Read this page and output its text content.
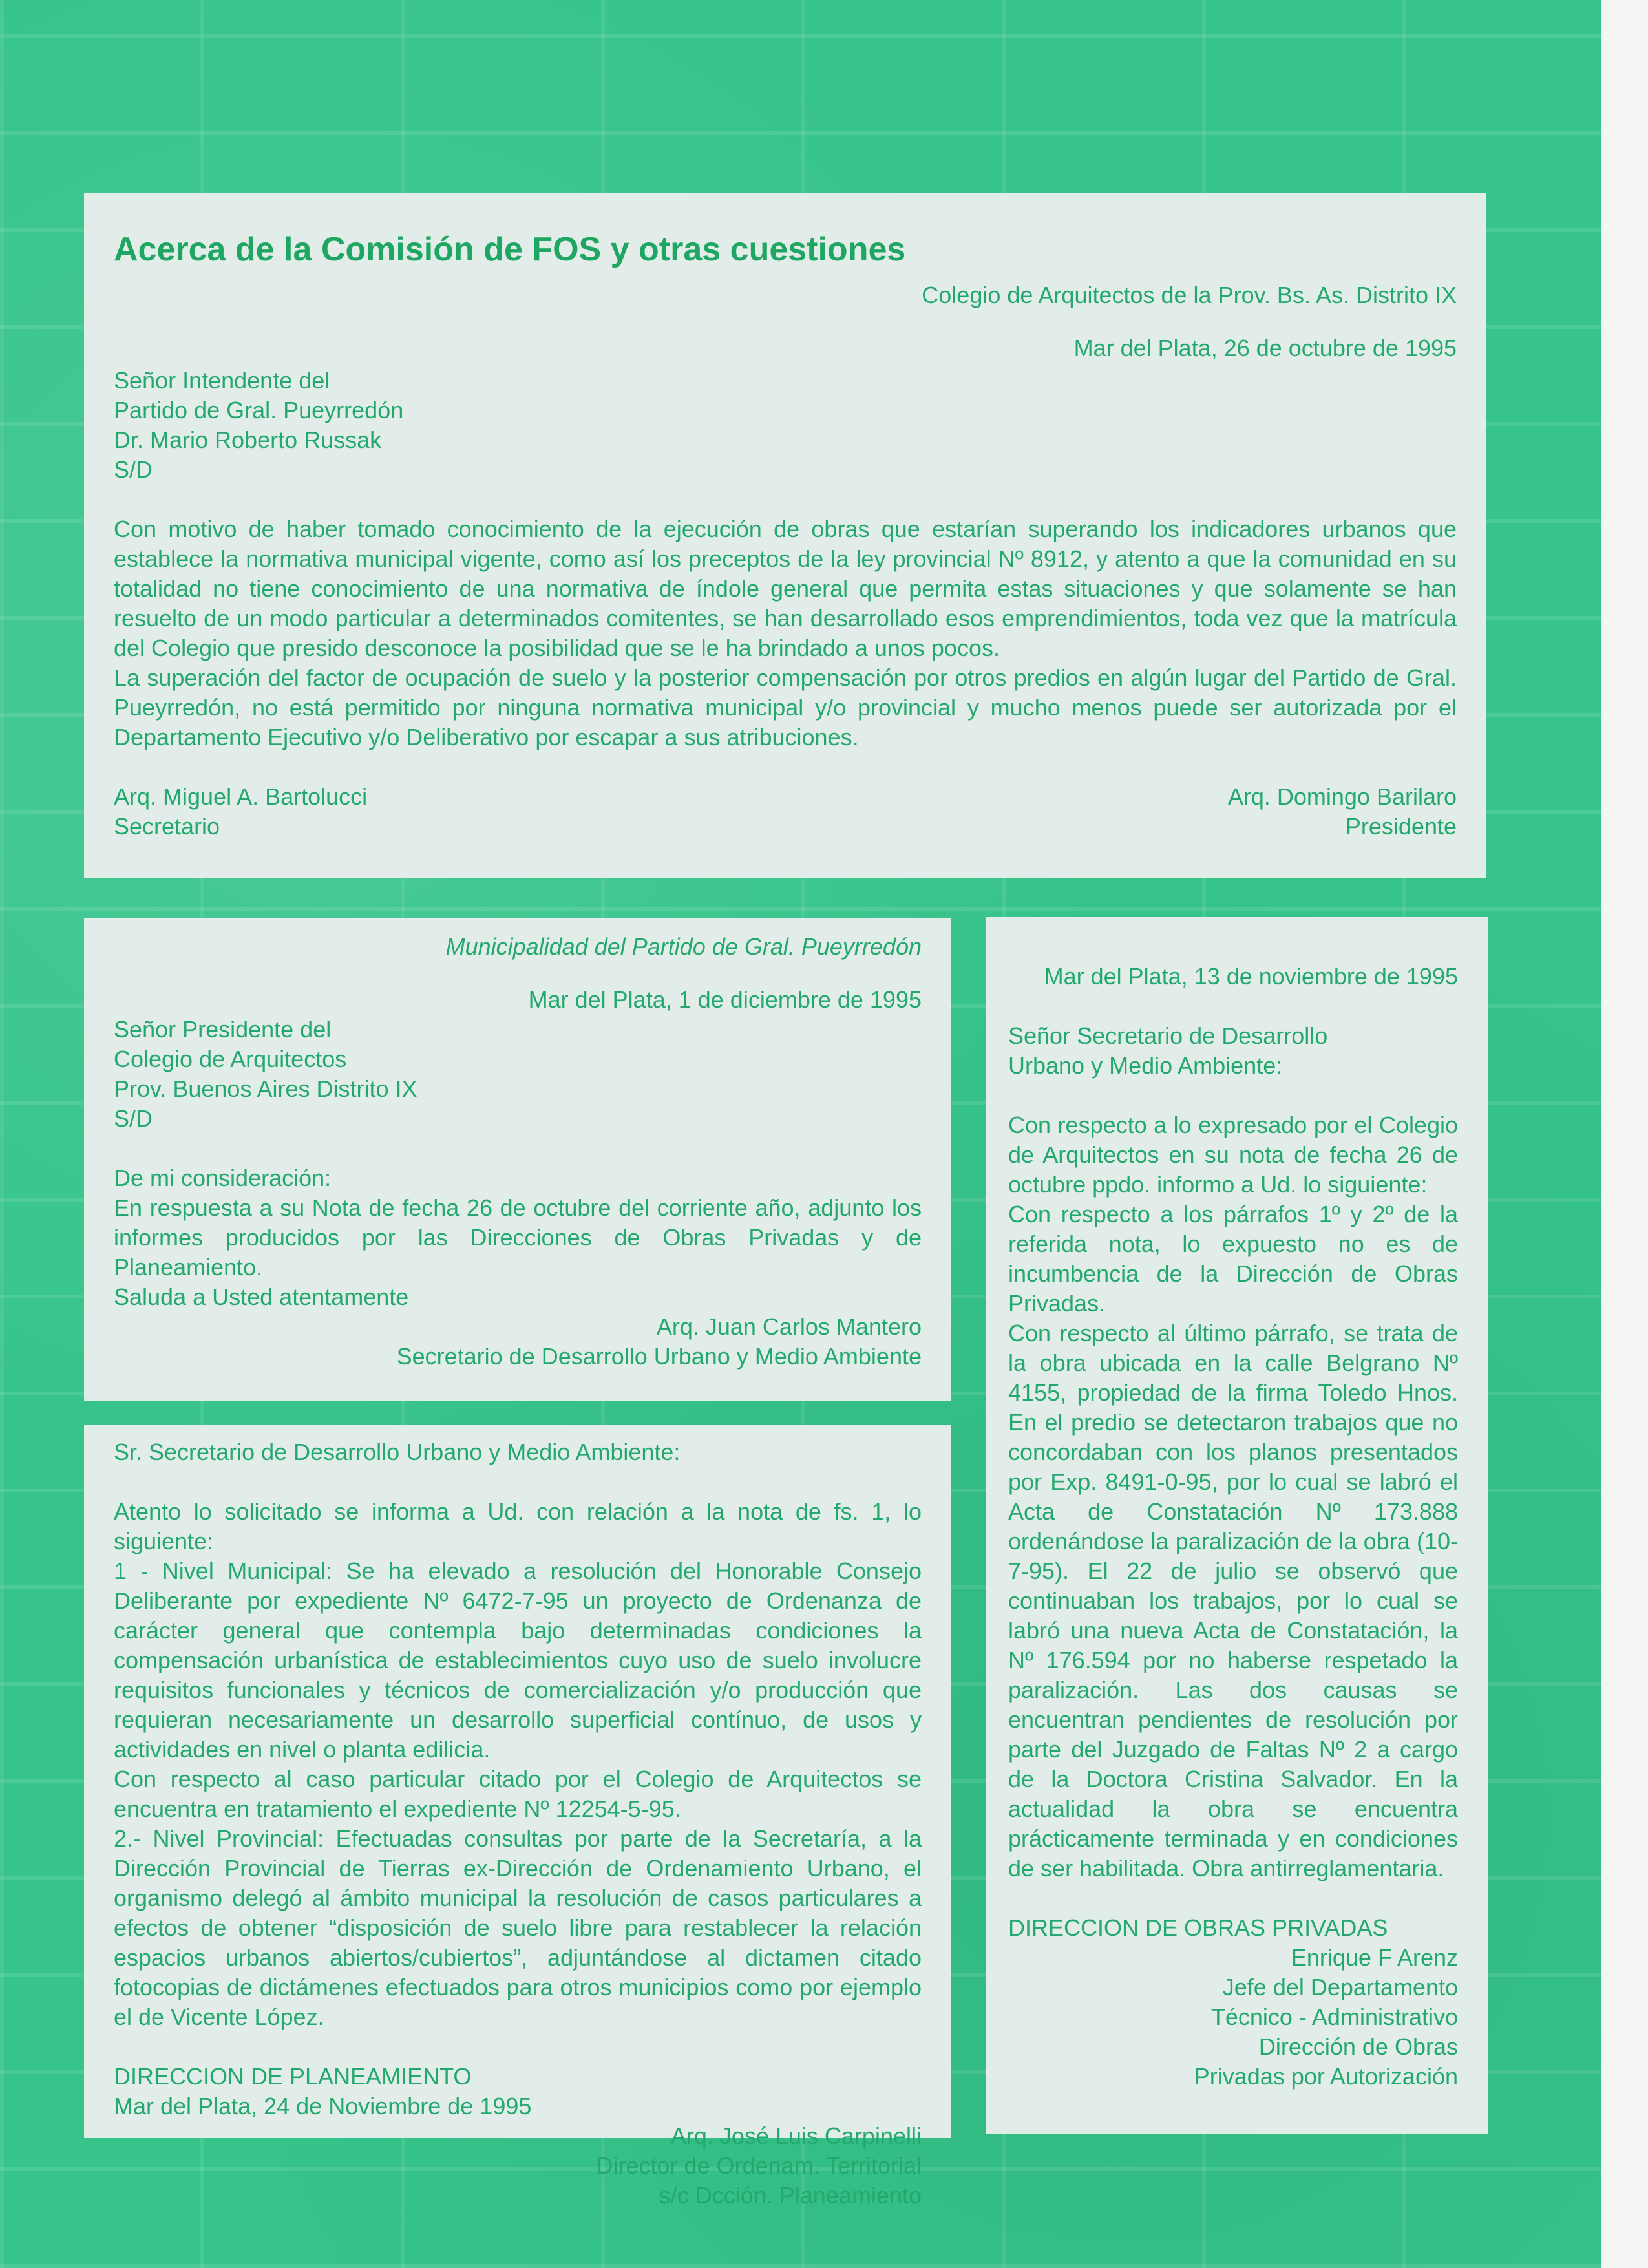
Acerca de la Comisión de FOS y otras cuestiones

Colegio de Arquitectos de la Prov. Bs. As. Distrito IX

Mar del Plata, 26 de octubre de 1995

Señor Intendente del
Partido de Gral. Pueyrredón
Dr. Mario Roberto Russak
S/D

Con motivo de haber tomado conocimiento de la ejecución de obras que estarían superando los indicadores urbanos que establece la normativa municipal vigente, como así los preceptos de la ley provincial Nº 8912, y atento a que la comunidad en su totalidad no tiene conocimiento de una normativa de índole general que permita estas situaciones y que solamente se han resuelto de un modo particular a determinados comitentes, se han desarrollado esos emprendimientos, toda vez que la matrícula del Colegio que presido desconoce la posibilidad que se le ha brindado a unos pocos.

La superación del factor de ocupación de suelo y la posterior compensación por otros predios en algún lugar del Partido de Gral. Pueyrredón, no está permitido por ninguna normativa municipal y/o provincial y mucho menos puede ser autorizada por el Departamento Ejecutivo y/o Deliberativo por escapar a sus atribuciones.

Arq. Miguel A. Bartolucci
Secretario
Arq. Domingo Barilaro
Presidente

Municipalidad del Partido de Gral. Pueyrredón

Mar del Plata, 1 de diciembre de 1995

Señor Presidente del
Colegio de Arquitectos
Prov. Buenos Aires Distrito IX
S/D

De mi consideración:

En respuesta a su Nota de fecha 26 de octubre del corriente año, adjunto los informes producidos por las Direcciones de Obras Privadas y de Planeamiento.

Saluda a Usted atentamente

Arq. Juan Carlos Mantero
Secretario de Desarrollo Urbano y Medio Ambiente

Sr. Secretario de Desarrollo Urbano y Medio Ambiente:

Atento lo solicitado se informa a Ud. con relación a la nota de fs. 1, lo siguiente:

1 - Nivel Municipal: Se ha elevado a resolución del Honorable Consejo Deliberante por expediente Nº 6472-7-95 un proyecto de Ordenanza de carácter general que contempla bajo determinadas condiciones la compensación urbanística de establecimientos cuyo uso de suelo involucre requisitos funcionales y técnicos de comercialización y/o producción que requieran necesariamente un desarrollo superficial contínuo, de usos y actividades en nivel o planta edilicia.

Con respecto al caso particular citado por el Colegio de Arquitectos se encuentra en tratamiento el expediente Nº 12254-5-95.

2.- Nivel Provincial: Efectuadas consultas por parte de la Secretaría, a la Dirección Provincial de Tierras ex-Dirección de Ordenamiento Urbano, el organismo delegó al ámbito municipal la resolución de casos particulares a efectos de obtener “disposición de suelo libre para restablecer la relación espacios urbanos abiertos/cubiertos”, adjuntándose al dictamen citado fotocopias de dictámenes efectuados para otros municipios como por ejemplo el de Vicente López.

DIRECCION DE PLANEAMIENTO

Mar del Plata, 24 de Noviembre de 1995

Arq. José Luis Carpinelli
Director de Ordenam. Territorial
s/c Dcción. Planeamiento

Mar del Plata, 13 de noviembre de 1995

Señor Secretario de Desarrollo
Urbano y Medio Ambiente:

Con respecto a lo expresado por el Colegio de Arquitectos en su nota de fecha 26 de octubre ppdo. informo a Ud. lo siguiente:

Con respecto a los párrafos 1º y 2º de la referida nota, lo expuesto no es de incumbencia de la Dirección de Obras Privadas.

Con respecto al último párrafo, se trata de la obra ubicada en la calle Belgrano Nº 4155, propiedad de la firma Toledo Hnos. En el predio se detectaron trabajos que no concordaban con los planos presentados por Exp. 8491-0-95, por lo cual se labró el Acta de Constatación Nº 173.888 ordenándose la paralización de la obra (10-7-95). El 22 de julio se observó que continuaban los trabajos, por lo cual se labró una nueva Acta de Constatación, la Nº 176.594 por no haberse respetado la paralización. Las dos causas se encuentran pendientes de resolución por parte del Juzgado de Faltas Nº 2 a cargo de la Doctora Cristina Salvador. En la actualidad la obra se encuentra prácticamente terminada y en condiciones de ser habilitada. Obra antirreglamentaria.

DIRECCION DE OBRAS PRIVADAS

Enrique F Arenz
Jefe del Departamento
Técnico - Administrativo
Dirección de Obras
Privadas por Autorización
